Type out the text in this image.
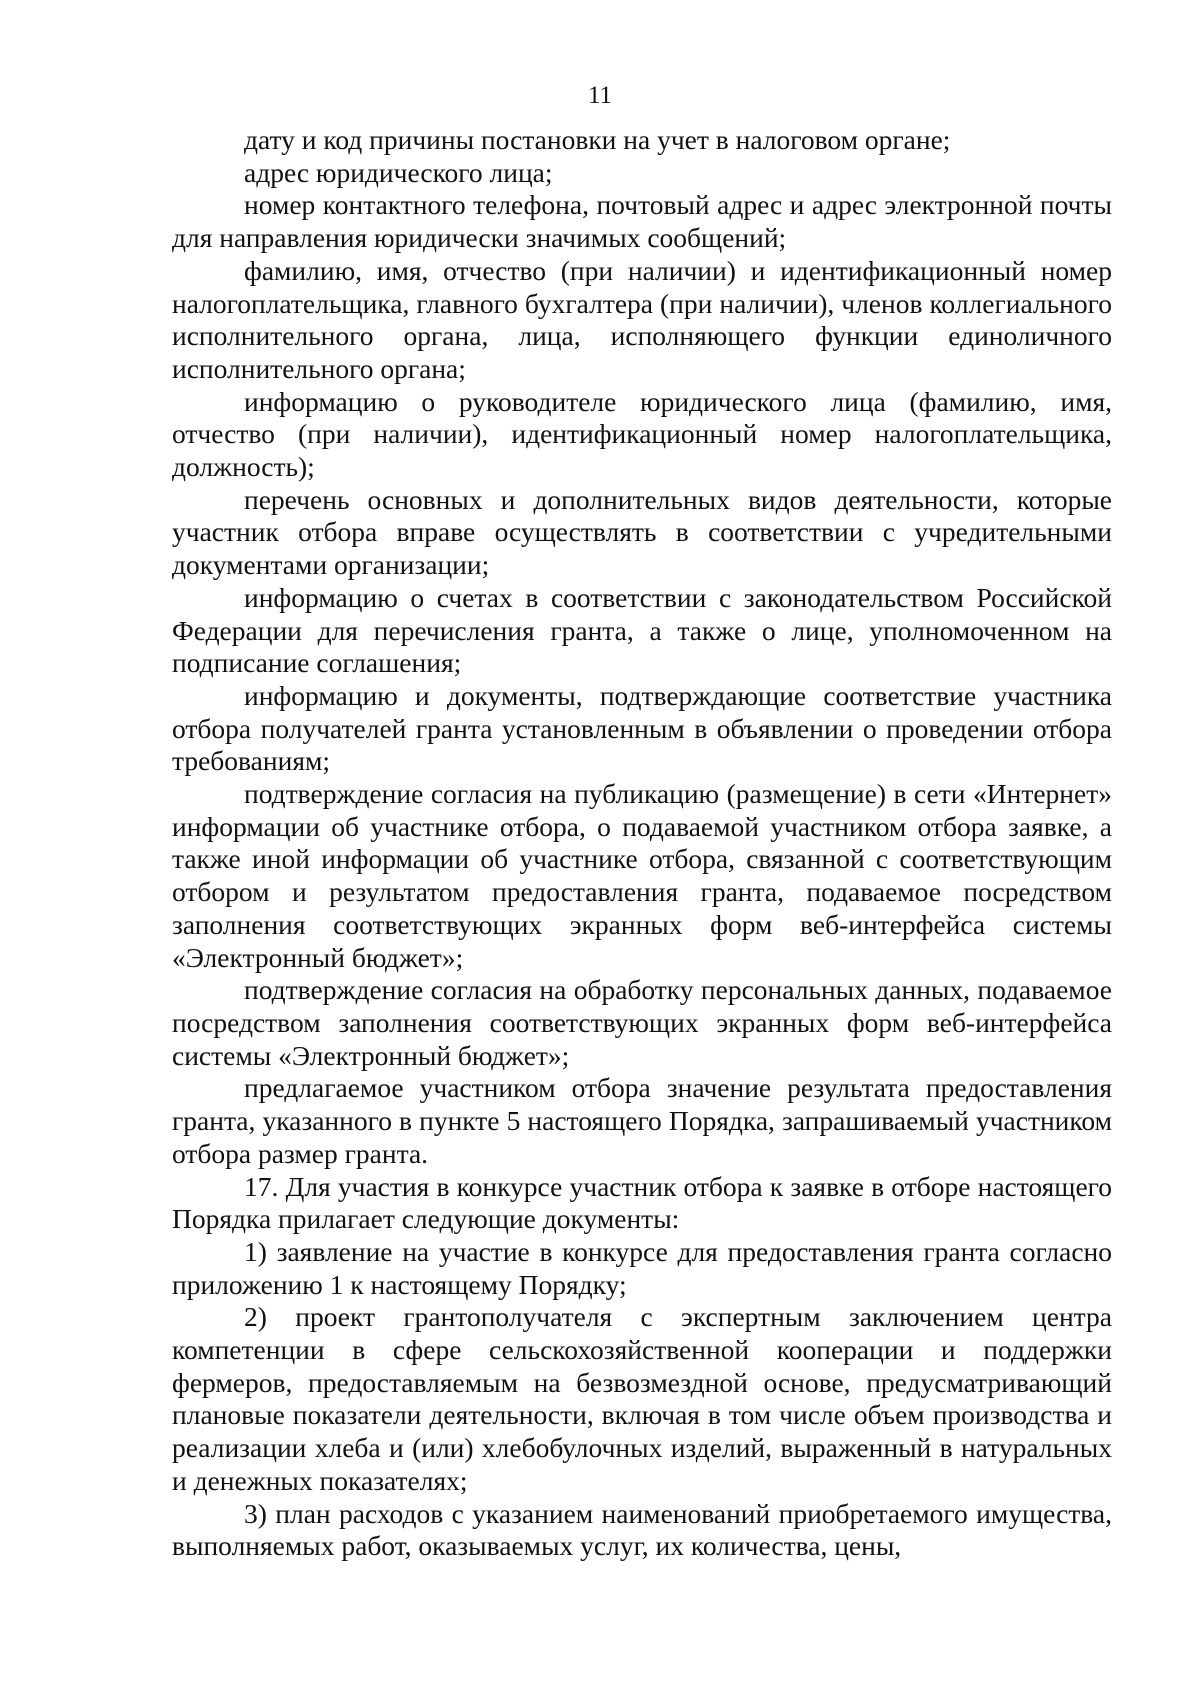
11

дату и код причины постановки на учет в налоговом органе;

адрес юридического лица;

номер контактного телефона, почтовый адрес и адрес электронной почты для направления юридически значимых сообщений;

фамилию, имя, отчество (при наличии) и идентификационный номер налогоплательщика, главного бухгалтера (при наличии), членов коллегиального исполнительного органа, лица, исполняющего функции единоличного исполнительного органа;

информацию о руководителе юридического лица (фамилию, имя, отчество (при наличии), идентификационный номер налогоплательщика, должность);

перечень основных и дополнительных видов деятельности, которые участник отбора вправе осуществлять в соответствии с учредительными документами организации;

информацию о счетах в соответствии с законодательством Российской Федерации для перечисления гранта, а также о лице, уполномоченном на подписание соглашения;

информацию и документы, подтверждающие соответствие участника отбора получателей гранта установленным в объявлении о проведении отбора требованиям;

подтверждение согласия на публикацию (размещение) в сети «Интернет» информации об участнике отбора, о подаваемой участником отбора заявке, а также иной информации об участнике отбора, связанной с соответствующим отбором и результатом предоставления гранта, подаваемое посредством заполнения соответствующих экранных форм веб-интерфейса системы «Электронный бюджет»;

подтверждение согласия на обработку персональных данных, подаваемое посредством заполнения соответствующих экранных форм веб-интерфейса системы «Электронный бюджет»;

предлагаемое участником отбора значение результата предоставления гранта, указанного в пункте 5 настоящего Порядка, запрашиваемый участником отбора размер гранта.

17. Для участия в конкурсе участник отбора к заявке в отборе настоящего Порядка прилагает следующие документы:

1) заявление на участие в конкурсе для предоставления гранта согласно приложению 1 к настоящему Порядку;

2) проект грантополучателя с экспертным заключением центра компетенции в сфере сельскохозяйственной кооперации и поддержки фермеров, предоставляемым на безвозмездной основе, предусматривающий плановые показатели деятельности, включая в том числе объем производства и реализации хлеба и (или) хлебобулочных изделий, выраженный в натуральных и денежных показателях;

3) план расходов с указанием наименований приобретаемого имущества, выполняемых работ, оказываемых услуг, их количества, цены,
